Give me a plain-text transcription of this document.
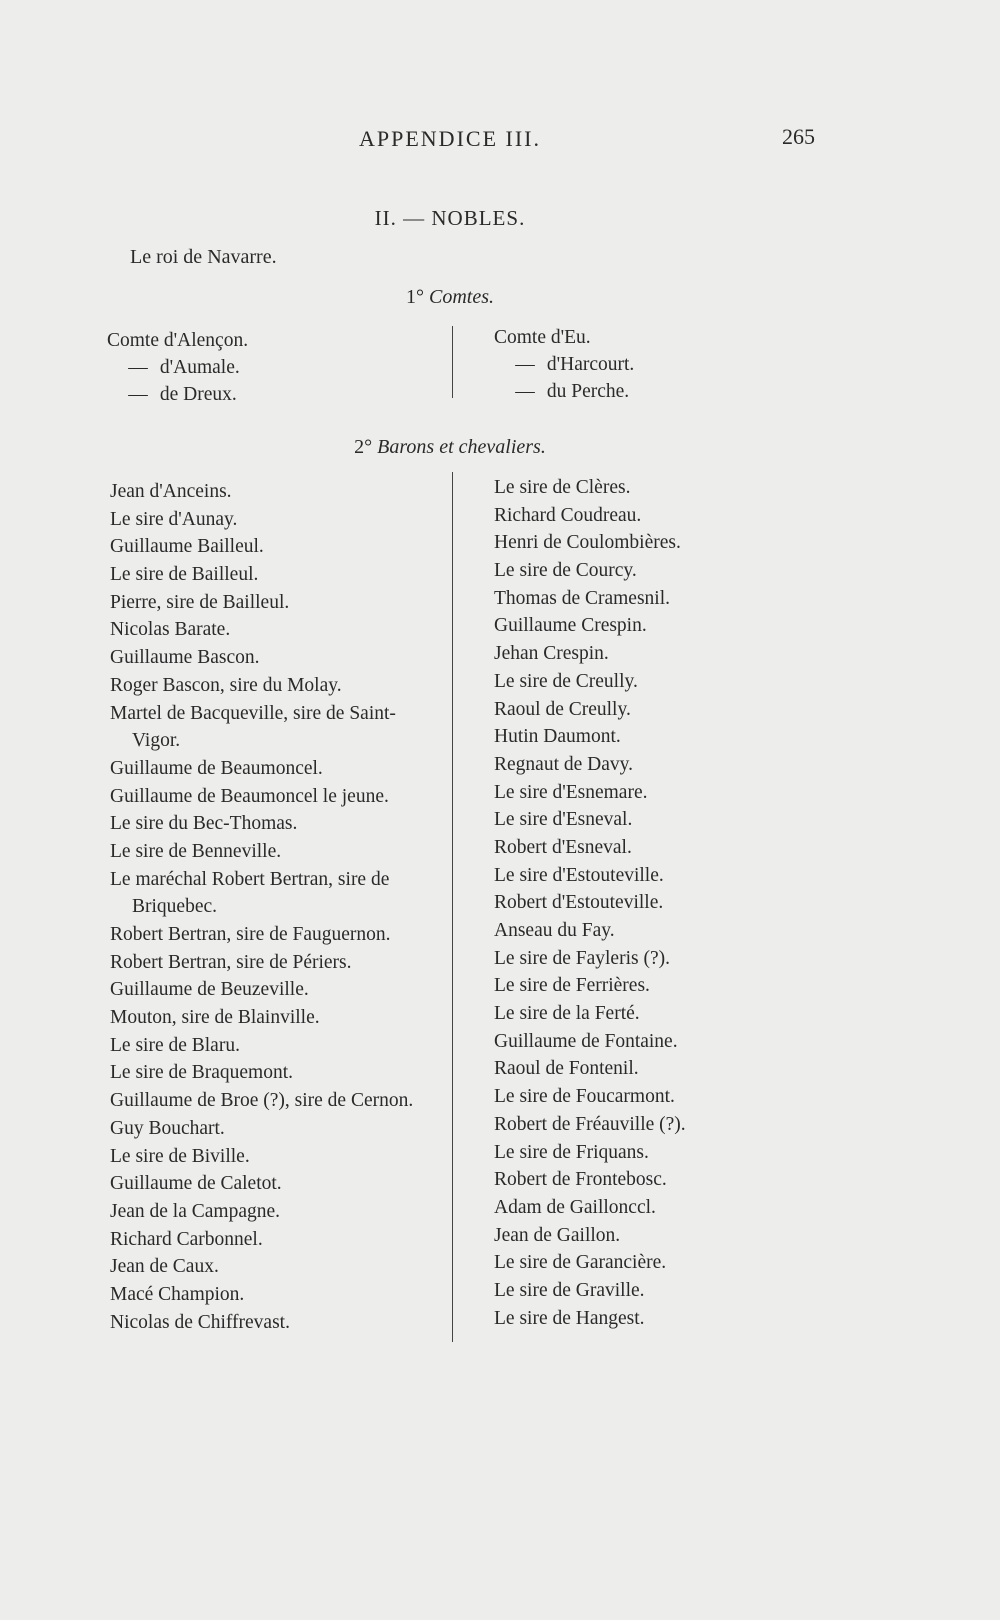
APPENDICE III.	265
II. — NOBLES.
Le roi de Navarre.
1° Comtes.
Comte d'Alençon.
— d'Aumale.
— de Dreux.
Comte d'Eu.
— d'Harcourt.
— du Perche.
2° Barons et chevaliers.
Jean d'Anceins.
Le sire d'Aunay.
Guillaume Bailleul.
Le sire de Bailleul.
Pierre, sire de Bailleul.
Nicolas Barate.
Guillaume Bascon.
Roger Bascon, sire du Molay.
Martel de Bacqueville, sire de Saint-
Vigor.
Guillaume de Beaumoncel.
Guillaume de Beaumoncel le jeune.
Le sire du Bec-Thomas.
Le sire de Benneville.
Le maréchal Robert Bertran, sire de
Briquebec.
Robert Bertran, sire de Fauguernon.
Robert Bertran, sire de Périers.
Guillaume de Beuzeville.
Mouton, sire de Blainville.
Le sire de Blaru.
Le sire de Braquemont.
Guillaume de Broe (?), sire de Cernon.
Guy Bouchart.
Le sire de Biville.
Guillaume de Caletot.
Jean de la Campagne.
Richard Carbonnel.
Jean de Caux.
Macé Champion.
Nicolas de Chiffrevast.
Le sire de Clères.
Richard Coudreau.
Henri de Coulombières.
Le sire de Courcy.
Thomas de Cramesnil.
Guillaume Crespin.
Jehan Crespin.
Le sire de Creully.
Raoul de Creully.
Hutin Daumont.
Regnaut de Davy.
Le sire d'Esnemare.
Le sire d'Esneval.
Robert d'Esneval.
Le sire d'Estouteville.
Robert d'Estouteville.
Anseau du Fay.
Le sire de Fayleris (?).
Le sire de Ferrières.
Le sire de la Ferté.
Guillaume de Fontaine.
Raoul de Fontenil.
Le sire de Foucarmont.
Robert de Fréauville (?).
Le sire de Friquans.
Robert de Frontebosc.
Adam de Gaillonccl.
Jean de Gaillon.
Le sire de Garancière.
Le sire de Graville.
Le sire de Hangest.
